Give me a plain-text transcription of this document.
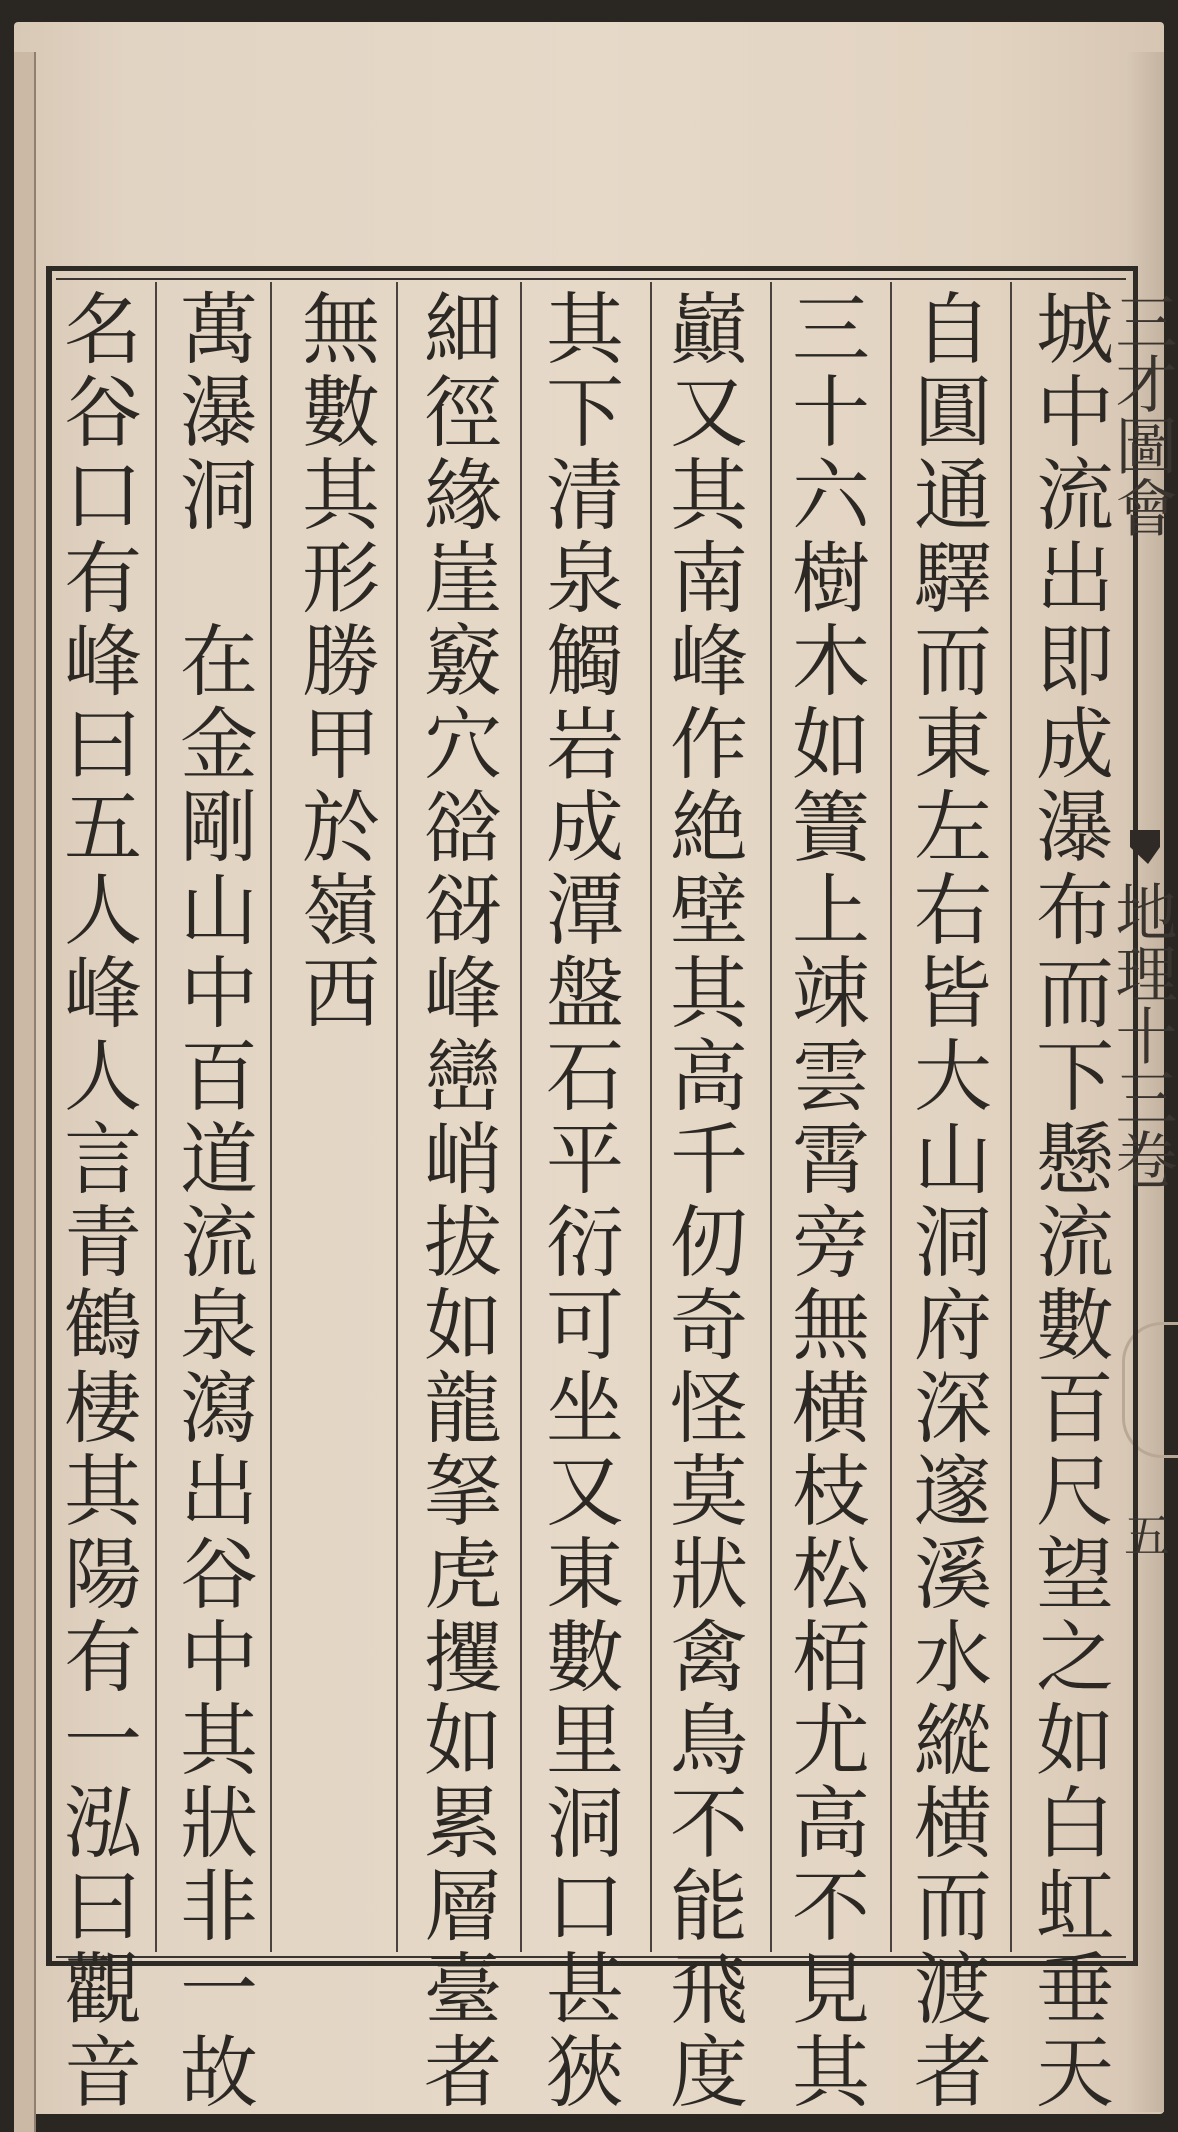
城中流出即成瀑布而下懸流數百尺望之如白虹垂天
自圓通驛而東左右皆大山洞府深邃溪水縱横而渡者
三十六樹木如簀上竦雲霄旁無横枝松栢尤高不見其
巓又其南峰作絶壁其高千仞奇怪莫狀禽鳥不能飛度
其下清泉觸岩成潭盤石平衍可坐又東數里洞口甚狹
細徑緣崖竅穴谽谺峰巒峭拔如龍拏虎攫如累層臺者
無數其形勝甲於嶺西
萬瀑洞　在金剛山中百道流泉瀉出谷中其狀非一故
名谷口有峰曰五人峰人言青鶴棲其陽有一泓曰觀音	三才圖會
地理十三卷
五
